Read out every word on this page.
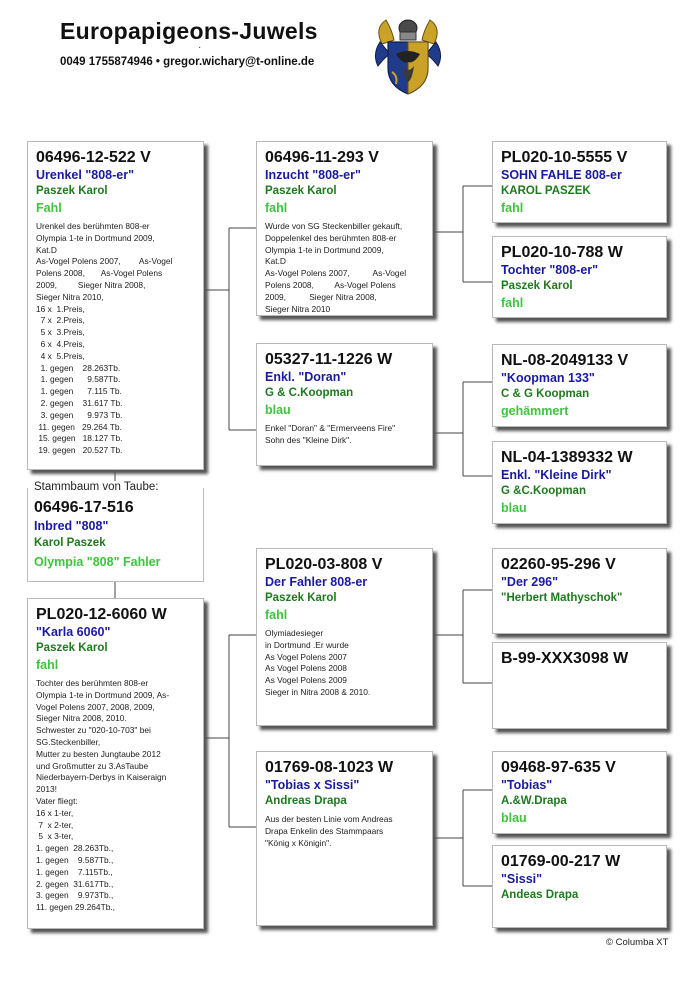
Europapigeons-Juwels
·
0049 1755874946 • gregor.wichary@t-online.de
Stammbaum von Taube:
06496-17-516
Inbred "808"
Karol Paszek
Olympia "808" Fahler
06496-12-522 V
Urenkel "808-er"
Paszek Karol
Fahl
Urenkel des berühmten 808-er
Olympia 1-te in Dortmund 2009,
Kat.D
As-Vogel Polens 2007,        As-Vogel
Polens 2008,       As-Vogel Polens
2009,         Sieger Nitra 2008,
Sieger Nitra 2010,
16 x  1.Preis,
7 x  2.Preis,
5 x  3.Preis,
6 x  4.Preis,
4 x  5.Preis,
1. gegen    28.263Tb.
1. gegen      9.587Tb.
1. gegen      7.115 Tb.
2. gegen    31.617 Tb.
3. gegen      9.973 Tb.
11. gegen   29.264 Tb.
15. gegen   18.127 Tb.
19. gegen   20.527 Tb.
PL020-12-6060 W
"Karla 6060"
Paszek Karol
fahl
Tochter des berühmten 808-er
Olympia 1-te in Dortmund 2009, As-
Vogel Polens 2007, 2008, 2009,
Sieger Nitra 2008, 2010.
Schwester zu "020-10-703" bei
SG.Steckenbiller,
Mutter zu besten Jungtaube 2012
und Großmutter zu 3.AsTaube
Niederbayern-Derbys in Kaiseraign
2013!
Vater fliegt:
16 x 1-ter,
7  x 2-ter,
5  x 3-ter,
1. gegen  28.263Tb.,
1. gegen    9.587Tb.,
1. gegen    7.115Tb.,
2. gegen  31.617Tb.,
3. gegen    9.973Tb.,
11. gegen 29.264Tb.,
06496-11-293 V
Inzucht "808-er"
Paszek Karol
fahl
Wurde von SG Steckenbiller gekauft,
Doppelenkel des berühmten 808-er
Olympia 1-te in Dortmund 2009,
Kat.D
As-Vogel Polens 2007,          As-Vogel
Polens 2008,         As-Vogel Polens
2009,          Sieger Nitra 2008,
Sieger Nitra 2010
05327-11-1226 W
Enkl. "Doran"
G & C.Koopman
blau
Enkel "Doran" & "Ermerveens Fire"
Sohn des "Kleine Dirk".
PL020-03-808 V
Der Fahler 808-er
Paszek Karol
fahl
Olymiadesieger
in Dortmund .Er wurde
As Vogel Polens 2007
As Vogel Polens 2008
As Vogel Polens 2009
Sieger in Nitra 2008 & 2010.
01769-08-1023 W
"Tobias x Sissi"
Andreas Drapa
Aus der besten Linie vom Andreas
Drapa Enkelin des Stammpaars
"König x Königin".
PL020-10-5555 V
SOHN FAHLE 808-er
KAROL PASZEK
fahl
PL020-10-788 W
Tochter "808-er"
Paszek Karol
fahl
NL-08-2049133 V
"Koopman 133"
C & G Koopman
gehämmert
NL-04-1389332 W
Enkl. "Kleine Dirk"
G &C.Koopman
blau
02260-95-296 V
"Der 296"
"Herbert Mathyschok"
B-99-XXX3098 W
09468-97-635 V
"Tobias"
A.&W.Drapa
blau
01769-00-217 W
"Sissi"
Andeas Drapa
© Columba XT
